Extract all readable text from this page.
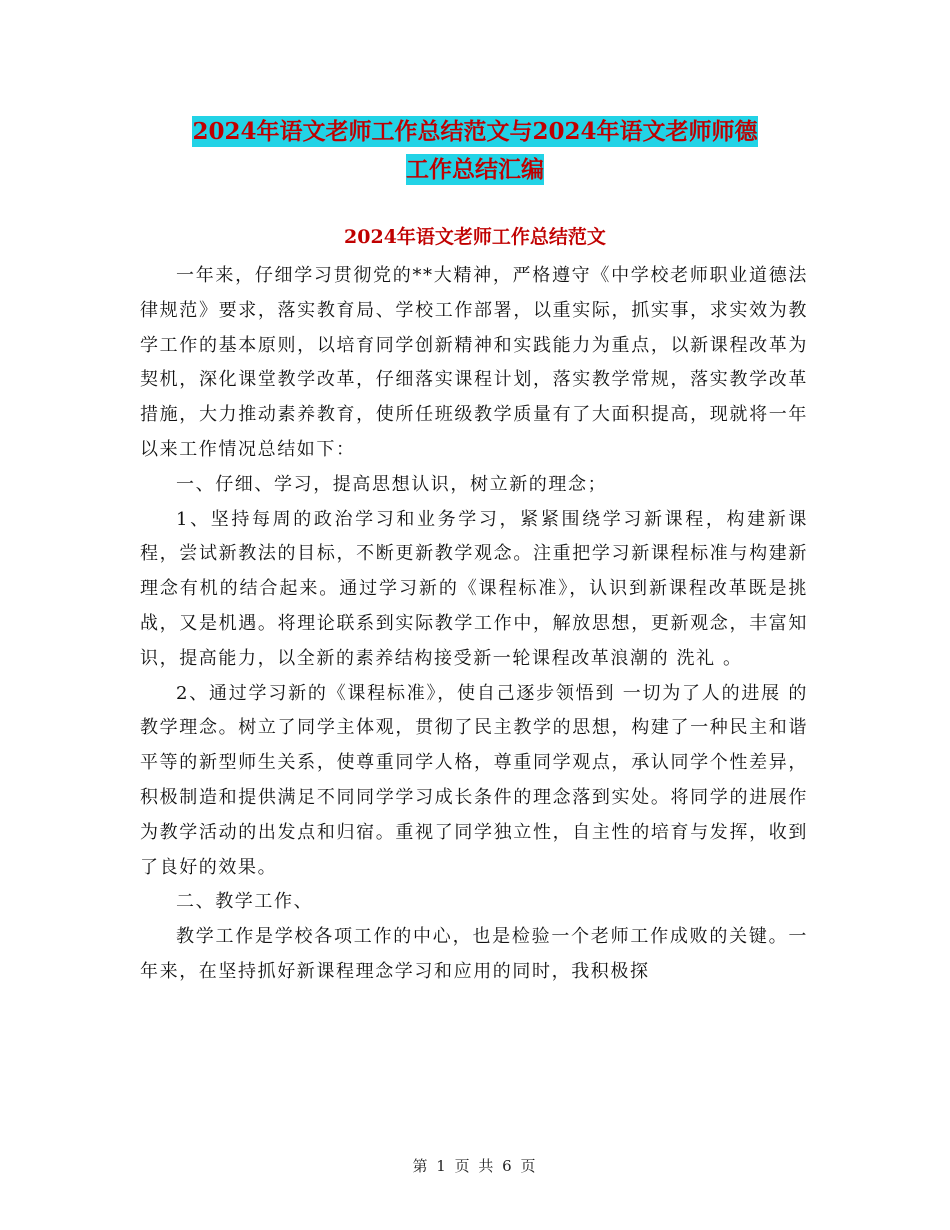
2024年语文老师工作总结范文与2024年语文老师师德
工作总结汇编
2024年语文老师工作总结范文

一年来，仔细学习贯彻党的**大精神，严格遵守《中学校老师职业道德法律规范》要求，落实教育局、学校工作部署，以重实际，抓实事，求实效为教学工作的基本原则，以培育同学创新精神和实践能力为重点，以新课程改革为契机，深化课堂教学改革，仔细落实课程计划，落实教学常规，落实教学改革措施，大力推动素养教育，使所任班级教学质量有了大面积提高，现就将一年以来工作情况总结如下：

一、仔细、学习，提高思想认识，树立新的理念；

1、坚持每周的政治学习和业务学习，紧紧围绕学习新课程，构建新课程，尝试新教法的目标，不断更新教学观念。注重把学习新课程标准与构建新理念有机的结合起来。通过学习新的《课程标准》，认识到新课程改革既是挑战，又是机遇。将理论联系到实际教学工作中，解放思想，更新观念，丰富知识，提高能力，以全新的素养结构接受新一轮课程改革浪潮的 洗礼 。

2、通过学习新的《课程标准》，使自己逐步领悟到 一切为了人的进展 的教学理念。树立了同学主体观，贯彻了民主教学的思想，构建了一种民主和谐平等的新型师生关系，使尊重同学人格，尊重同学观点，承认同学个性差异，积极制造和提供满足不同同学学习成长条件的理念落到实处。将同学的进展作为教学活动的出发点和归宿。重视了同学独立性，自主性的培育与发挥，收到了良好的效果。

二、教学工作、

教学工作是学校各项工作的中心，也是检验一个老师工作成败的关键。一年来，在坚持抓好新课程理念学习和应用的同时，我积极探

第 1 页 共 6 页
